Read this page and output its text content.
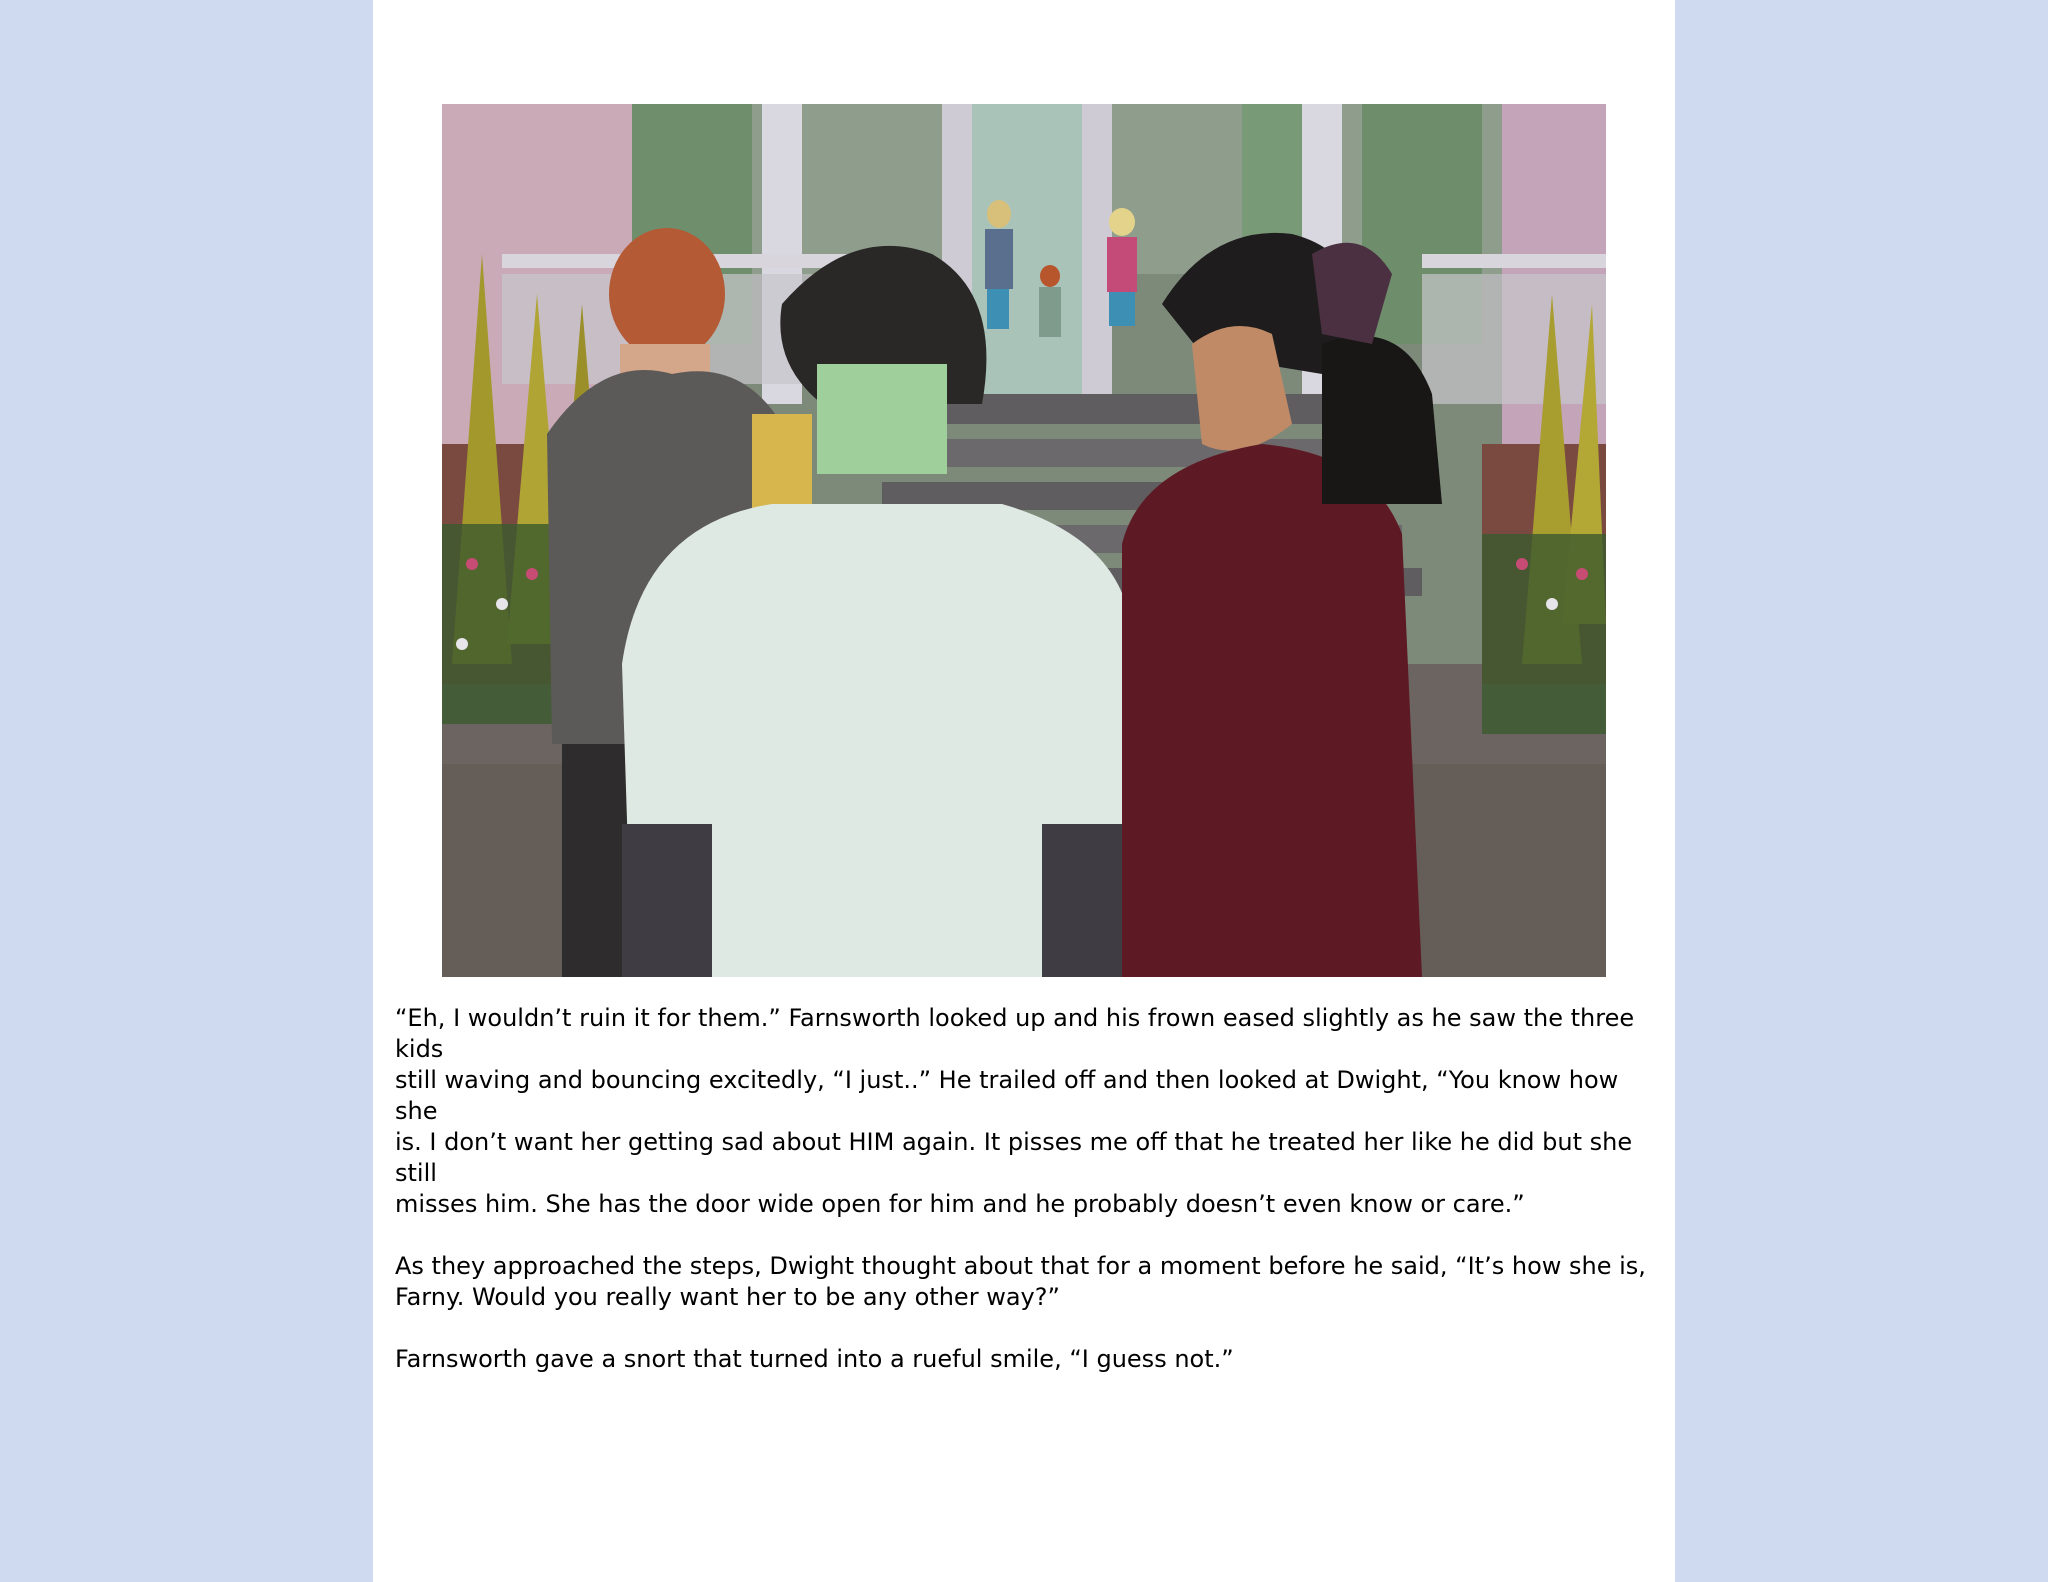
“Eh, I wouldn’t ruin it for them.” Farnsworth looked up and his frown eased slightly as he saw the three kids
still waving and bouncing excitedly, “I just..” He trailed off and then looked at Dwight, “You know how she
is. I don’t want her getting sad about HIM again. It pisses me off that he treated her like he did but she still
misses him. She has the door wide open for him and he probably doesn’t even know or care.”

As they approached the steps, Dwight thought about that for a moment before he said, “It’s how she is,
Farny. Would you really want her to be any other way?”

Farnsworth gave a snort that turned into a rueful smile, “I guess not.”
